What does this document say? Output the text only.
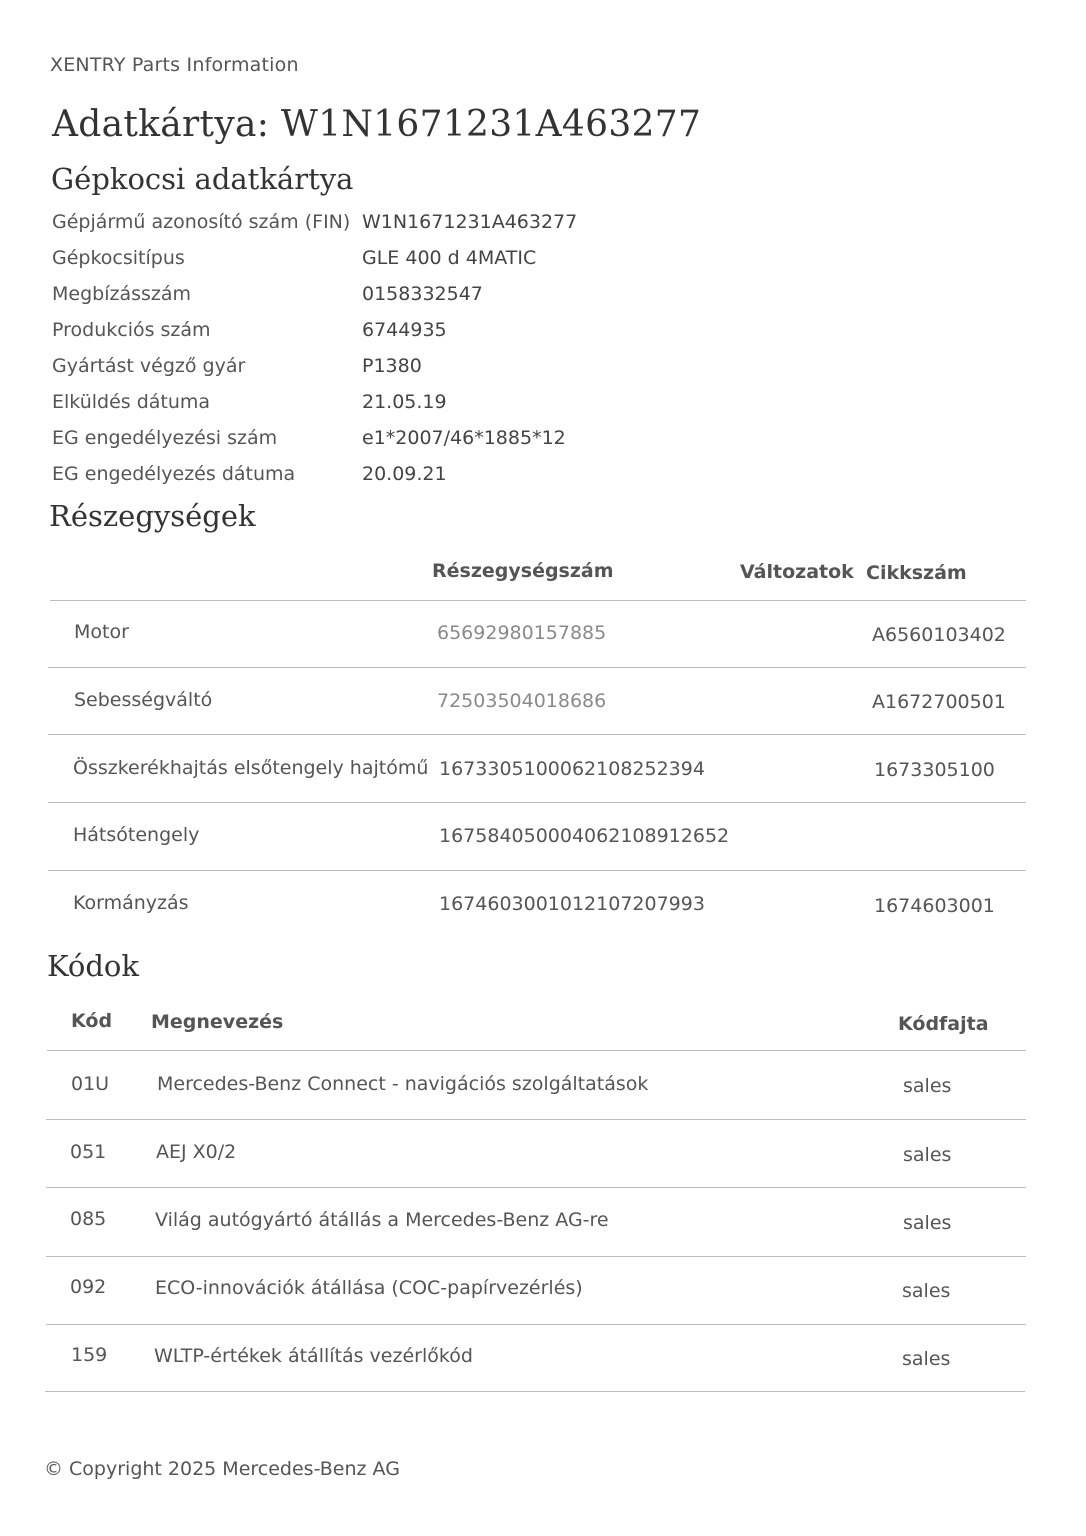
XENTRY Parts Information
Adatkártya: W1N1671231A463277
Gépkocsi adatkártya
Gépjármű azonosító szám (FIN) W1N1671231A463277
Gépkocsitípus	GLE 400 d 4MATIC
Megbízásszám	0158332547
Produkciós szám	6744935
Gyártást végző gyár	P1380
Elküldés dátuma	21.05.19
EG engedélyezési szám	e1*2007/46*1885*12
EG engedélyezés dátuma	20.09.21
Részegységek
Részegységszám	Változatok Cikkszám
Motor	65692980157885	A6560103402
Sebességváltó	72503504018686	A1672700501
Összkerékhajtás elsőtengely hajtómű 1673305100062108252394	1673305100
Hátsótengely	167584050004062108912652
Kormányzás	1674603001012107207993	1674603001
Kódok
Kód Megnevezés	Kódfajta
01U	Mercedes-Benz Connect - navigációs szolgáltatások	sales
051	AEJ X0/2	sales
085	Világ autógyártó átállás a Mercedes-Benz AG-re	sales
092	ECO-innovációk átállása (COC-papírvezérlés)	sales
159 WLTP-értékek átállítás vezérlőkód	sales
© Copyright 2025 Mercedes-Benz AG
